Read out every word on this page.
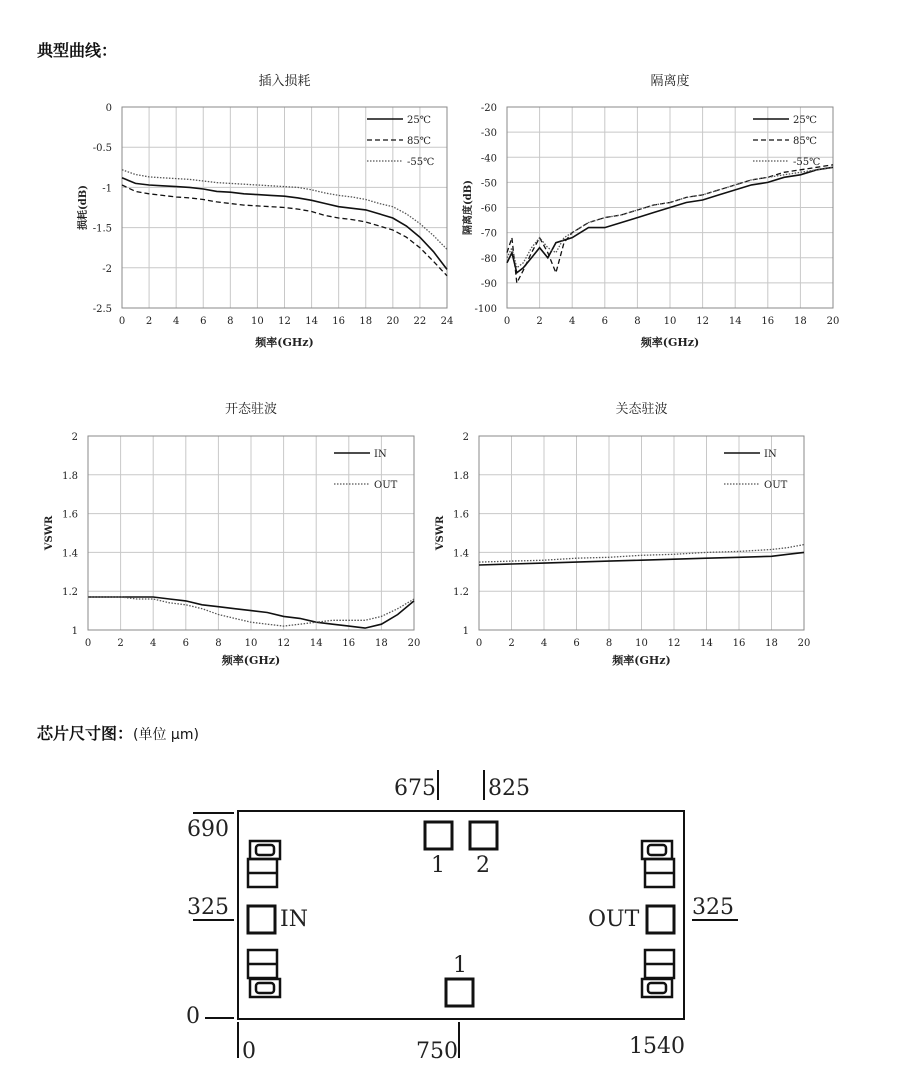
典型曲线：
插入损耗
0 2 4 6 8 10 12 14 16 18 20 22 24
0
-0.5
-1
-1.5
-2
-2.5
频率(GHz)
损耗(dB)
25℃
85℃
-55℃
隔离度
0	2	4	6	8 10 12 14 16 18 20
-20
-30
-40
-50
-60
-70
-80
-90
-100
频率(GHz)
隔离度(dB)
25℃
85℃
-55℃
开态驻波
0	2	4	6	8 10 12 14 16 18 20
2
1.8
1.6
1.4
1.2
1
频率(GHz)
VSWR
IN
OUT
关态驻波
0	2	4	6	8 10 12 14 16 18 20
2
1.8
1.6
1.4
1.2
1
频率(GHz)
VSWR
IN
OUT
芯片尺寸图：(单位 μm)
675 825
690
325	325
0
0	750	1540
1 2
1
IN	OUT
